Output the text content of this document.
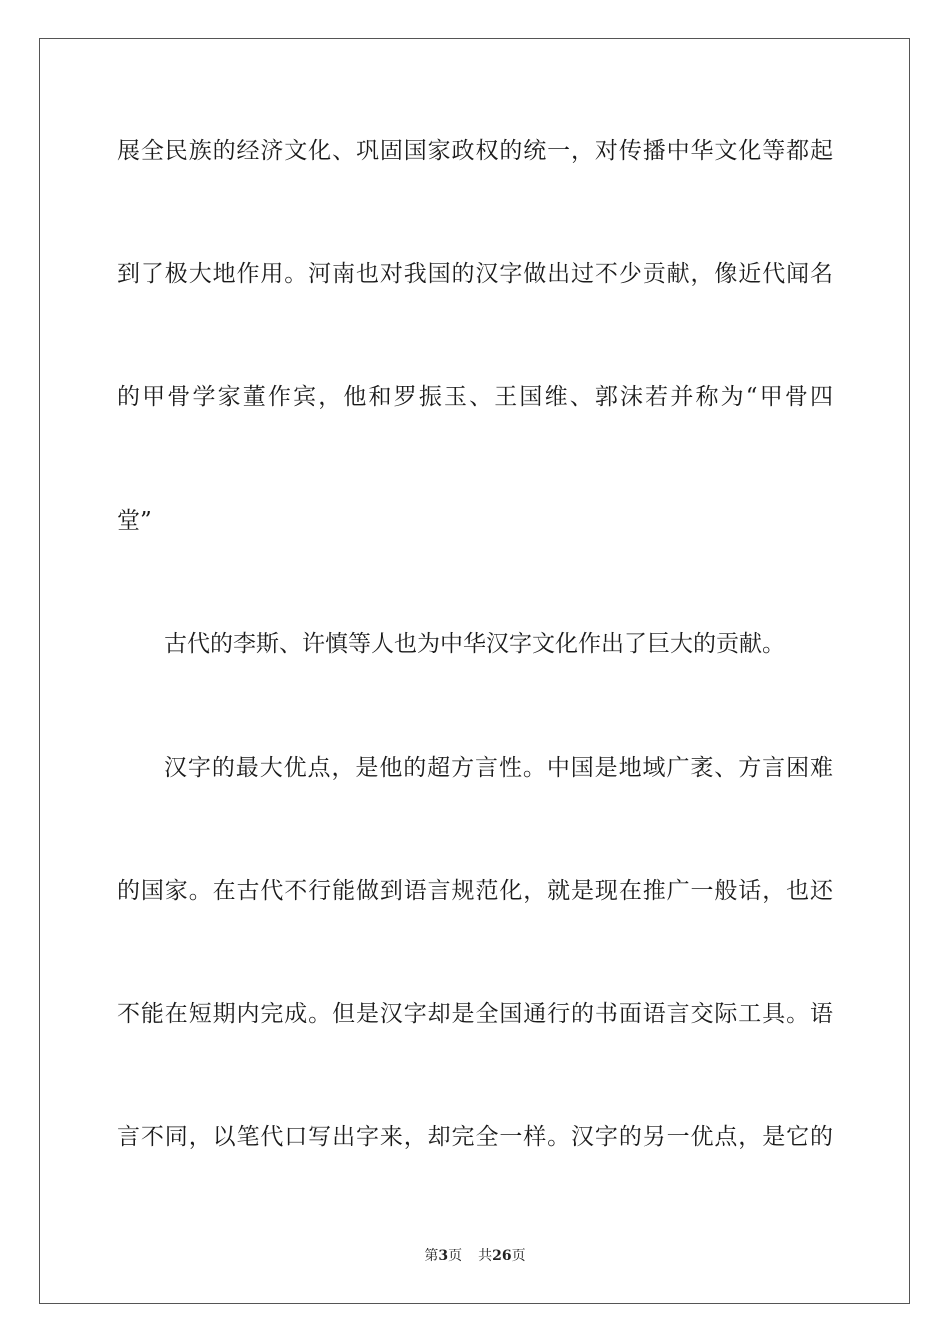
展全民族的经济文化、巩固国家政权的统一，对传播中华文化等都起
到了极大地作用。河南也对我国的汉字做出过不少贡献，像近代闻名
的甲骨学家董作宾，他和罗振玉、王国维、郭沫若并称为“甲骨四
堂”
古代的李斯、许慎等人也为中华汉字文化作出了巨大的贡献。
汉字的最大优点，是他的超方言性。中国是地域广袤、方言困难
的国家。在古代不行能做到语言规范化，就是现在推广一般话，也还
不能在短期内完成。但是汉字却是全国通行的书面语言交际工具。语
言不同，以笔代口写出字来，却完全一样。汉字的另一优点，是它的
第3页 共26页
